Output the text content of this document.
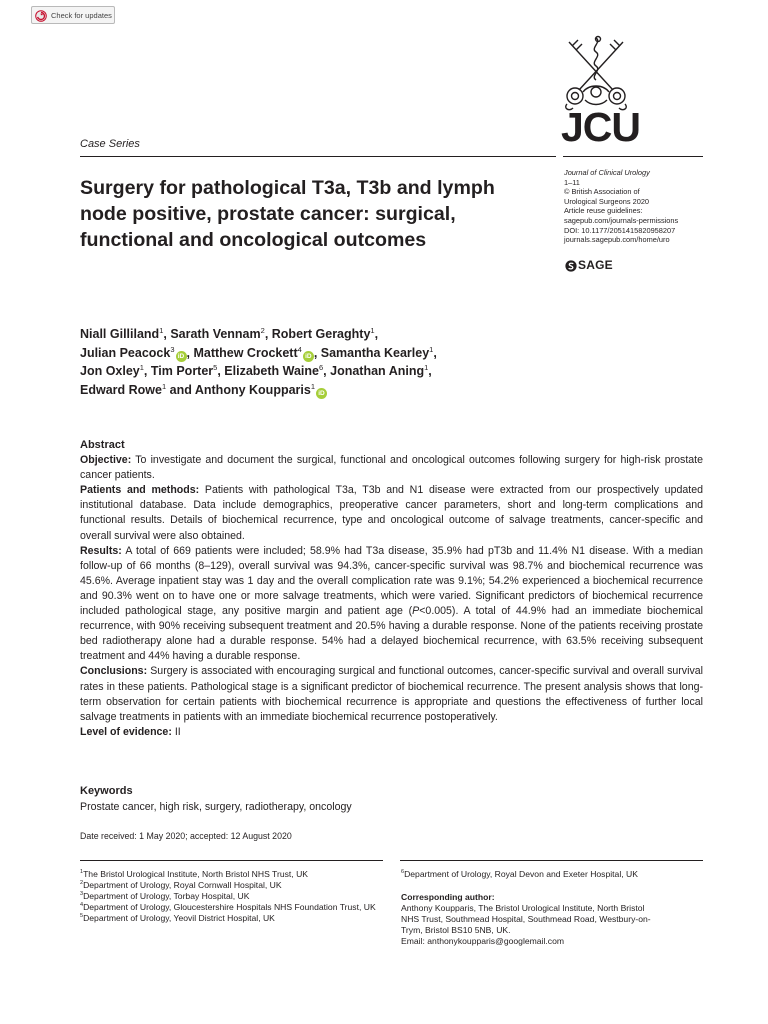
Check for updates
JCU
Case Series
Journal of Clinical Urology
1–11
© British Association of
Urological Surgeons 2020
Article reuse guidelines:
sagepub.com/journals-permissions
DOI: 10.1177/2051415820958207
journals.sagepub.com/home/uro
SAGE
Surgery for pathological T3a, T3b and lymph node positive, prostate cancer: surgical, functional and oncological outcomes
Niall Gilliland$^1$, Sarath Vennam$^2$, Robert Geraghty$^1$,
Julian Peacock$^3$iD , Matthew Crockett$^4$iD , Samantha Kearley$^1$,
Jon Oxley$^1$, Tim Porter$^5$, Elizabeth Waine$^6$, Jonathan Aning$^1$,
Edward Rowe$^1$ and Anthony Koupparis$^1$iD
Abstract
Objective: To investigate and document the surgical, functional and oncological outcomes following surgery for high-risk prostate cancer patients.
Patients and methods: Patients with pathological T3a, T3b and N1 disease were extracted from our prospectively updated institutional database. Data include demographics, preoperative cancer parameters, short and long-term complications and functional results. Details of biochemical recurrence, type and oncological outcome of salvage treatments, cancer-specific and overall survival were also obtained.
Results: A total of 669 patients were included; 58.9% had T3a disease, 35.9% had pT3b and 11.4% N1 disease. With a median follow-up of 66 months (8–129), overall survival was 94.3%, cancer-specific survival was 98.7% and biochemical recurrence was 45.6%. Average inpatient stay was 1 day and the overall complication rate was 9.1%; 54.2% experienced a biochemical recurrence and 90.3% went on to have one or more salvage treatments, which were varied. Significant predictors of biochemical recurrence included pathological stage, any positive margin and patient age (P<0.005). A total of 44.9% had an immediate biochemical recurrence, with 90% receiving subsequent treatment and 20.5% having a durable response. None of the patients receiving prostate bed radiotherapy alone had a durable response. 54% had a delayed biochemical recurrence, with 63.5% receiving subsequent treatment and 44% having a durable response.
Conclusions: Surgery is associated with encouraging surgical and functional outcomes, cancer-specific survival and overall survival rates in these patients. Pathological stage is a significant predictor of biochemical recurrence. The present analysis shows that long-term observation for certain patients with biochemical recurrence is appropriate and questions the effectiveness of further local salvage treatments in patients with an immediate biochemical recurrence postoperatively.
Level of evidence: II
Keywords
Prostate cancer, high risk, surgery, radiotherapy, oncology
Date received: 1 May 2020; accepted: 12 August 2020
$^1$The Bristol Urological Institute, North Bristol NHS Trust, UK
$^2$Department of Urology, Royal Cornwall Hospital, UK
$^3$Department of Urology, Torbay Hospital, UK
$^4$Department of Urology, Gloucestershire Hospitals NHS Foundation Trust, UK
$^5$Department of Urology, Yeovil District Hospital, UK
$^6$Department of Urology, Royal Devon and Exeter Hospital, UK
Corresponding author:
Anthony Koupparis, The Bristol Urological Institute, North Bristol
NHS Trust, Southmead Hospital, Southmead Road, Westbury-on-
Trym, Bristol BS10 5NB, UK.
Email: anthonykoupparis@googlemail.com
